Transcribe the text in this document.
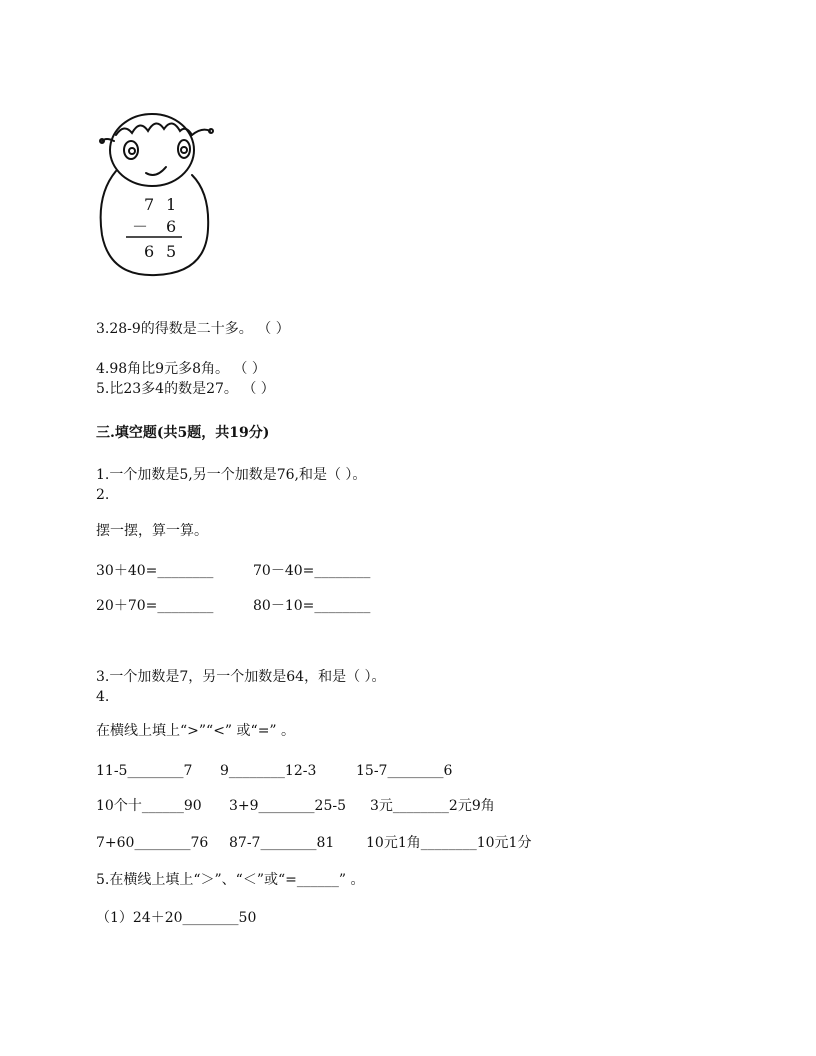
7 1
－ 6
6 5
3.28-9的得数是二十多。 （ ）
4.98角比9元多8角。 （ ）
5.比23多4的数是27。 （ ）
三.填空题(共5题，共19分)
1.一个加数是5,另一个加数是76,和是（ ）。
2.
摆一摆，算一算。
30＋40=________	70－40=________
20＋70=________	80－10=________
3.一个加数是7，另一个加数是64，和是（ ）。
4.
在横线上填上“>”“<” 或“=” 。
11-5________7 9________12-3	15-7________6
10个十______90 3+9________25-5 3元________2元9角
7+60________76 87-7________81 10元1角________10元1分
5.在横线上填上“＞”、“＜”或“=______” 。
（1）24＋20________50
